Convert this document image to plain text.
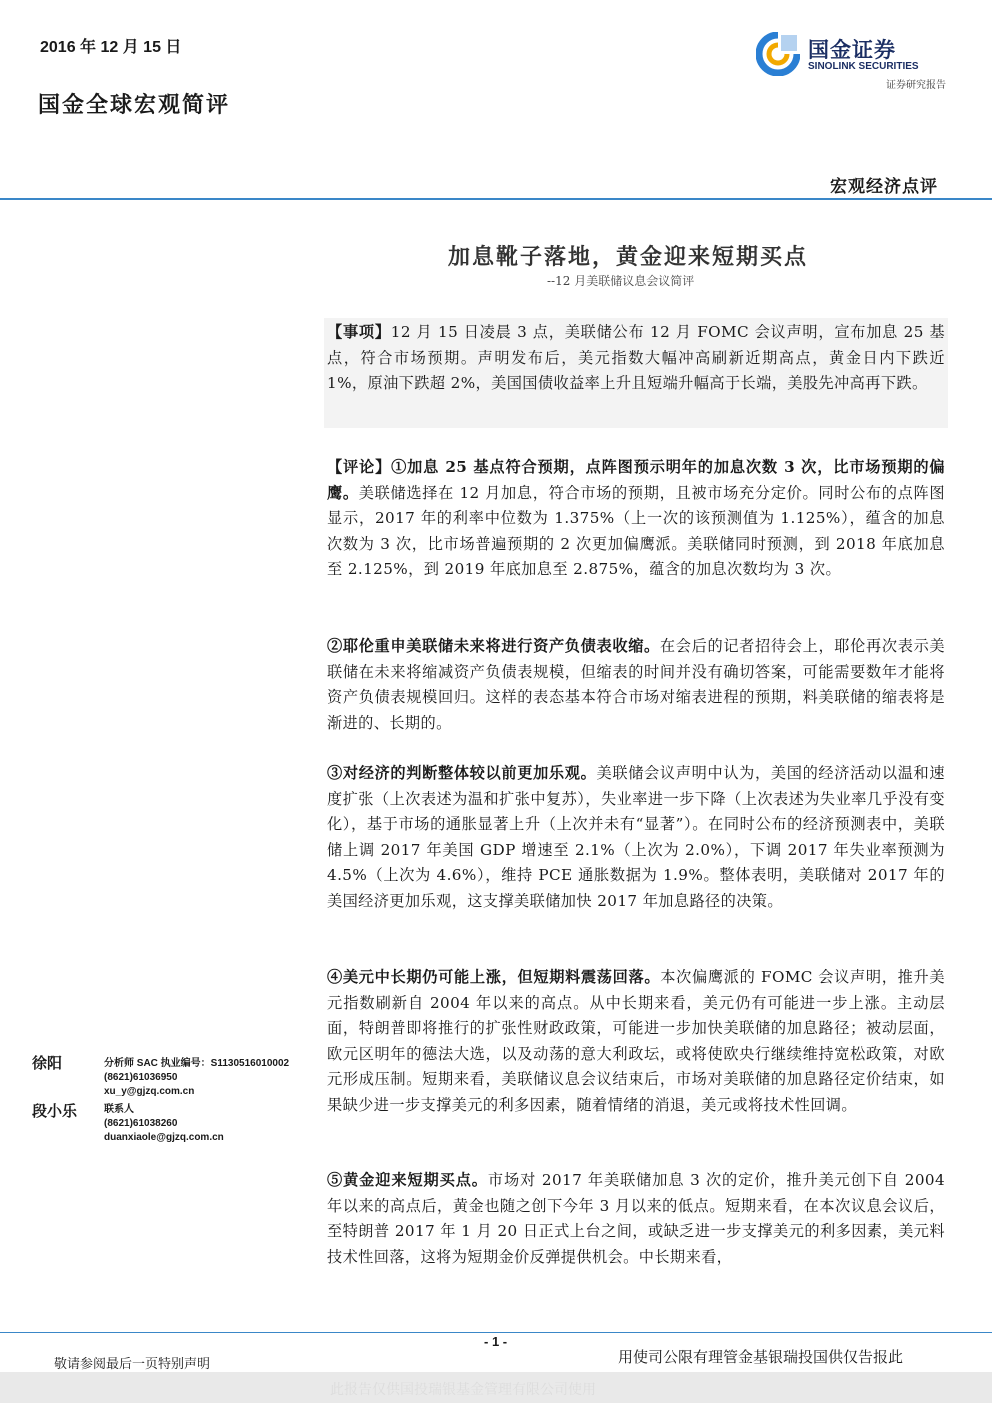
2016 年 12 月 15 日
国金全球宏观简评
国金证券
SINOLINK SECURITIES
证券研究报告
宏观经济点评
加息靴子落地，黄金迎来短期买点
--12 月美联储议息会议简评
【事项】12 月 15 日凌晨 3 点，美联储公布 12 月 FOMC 会议声明，宣布加息 25 基点，符合市场预期。声明发布后，美元指数大幅冲高刷新近期高点，黄金日内下跌近 1%，原油下跌超 2%，美国国债收益率上升且短端升幅高于长端，美股先冲高再下跌。
【评论】①加息 25 基点符合预期，点阵图预示明年的加息次数 3 次，比市场预期的偏鹰。美联储选择在 12 月加息，符合市场的预期，且被市场充分定价。同时公布的点阵图显示，2017 年的利率中位数为 1.375%（上一次的该预测值为 1.125%），蕴含的加息次数为 3 次，比市场普遍预期的 2 次更加偏鹰派。美联储同时预测，到 2018 年底加息至 2.125%，到 2019 年底加息至 2.875%，蕴含的加息次数均为 3 次。
②耶伦重申美联储未来将进行资产负债表收缩。在会后的记者招待会上，耶伦再次表示美联储在未来将缩减资产负债表规模，但缩表的时间并没有确切答案，可能需要数年才能将资产负债表规模回归。这样的表态基本符合市场对缩表进程的预期，料美联储的缩表将是渐进的、长期的。
③对经济的判断整体较以前更加乐观。美联储会议声明中认为，美国的经济活动以温和速度扩张（上次表述为温和扩张中复苏），失业率进一步下降（上次表述为失业率几乎没有变化），基于市场的通胀显著上升（上次并未有“显著”）。在同时公布的经济预测表中，美联储上调 2017 年美国 GDP 增速至 2.1%（上次为 2.0%），下调 2017 年失业率预测为 4.5%（上次为 4.6%），维持 PCE 通胀数据为 1.9%。整体表明，美联储对 2017 年的美国经济更加乐观，这支撑美联储加快 2017 年加息路径的决策。
④美元中长期仍可能上涨，但短期料震荡回落。本次偏鹰派的 FOMC 会议声明，推升美元指数刷新自 2004 年以来的高点。从中长期来看，美元仍有可能进一步上涨。主动层面，特朗普即将推行的扩张性财政政策，可能进一步加快美联储的加息路径；被动层面，欧元区明年的德法大选，以及动荡的意大利政坛，或将使欧央行继续维持宽松政策，对欧元形成压制。短期来看，美联储议息会议结束后，市场对美联储的加息路径定价结束，如果缺少进一步支撑美元的利多因素，随着情绪的消退，美元或将技术性回调。
⑤黄金迎来短期买点。市场对 2017 年美联储加息 3 次的定价，推升美元创下自 2004 年以来的高点后，黄金也随之创下今年 3 月以来的低点。短期来看，在本次议息会议后，至特朗普 2017 年 1 月 20 日正式上台之间，或缺乏进一步支撑美元的利多因素，美元料技术性回落，这将为短期金价反弹提供机会。中长期来看，
徐阳	分析师 SAC 执业编号：S1130516010002
(8621)61036950
xu_y@gjzq.com.cn
段小乐	联系人
(8621)61038260
duanxiaole@gjzq.com.cn
- 1 -
敬请参阅最后一页特别声明	用使司公限有理管金基银瑞投国供仅告报此
此报告仅供国投瑞银基金管理有限公司使用
